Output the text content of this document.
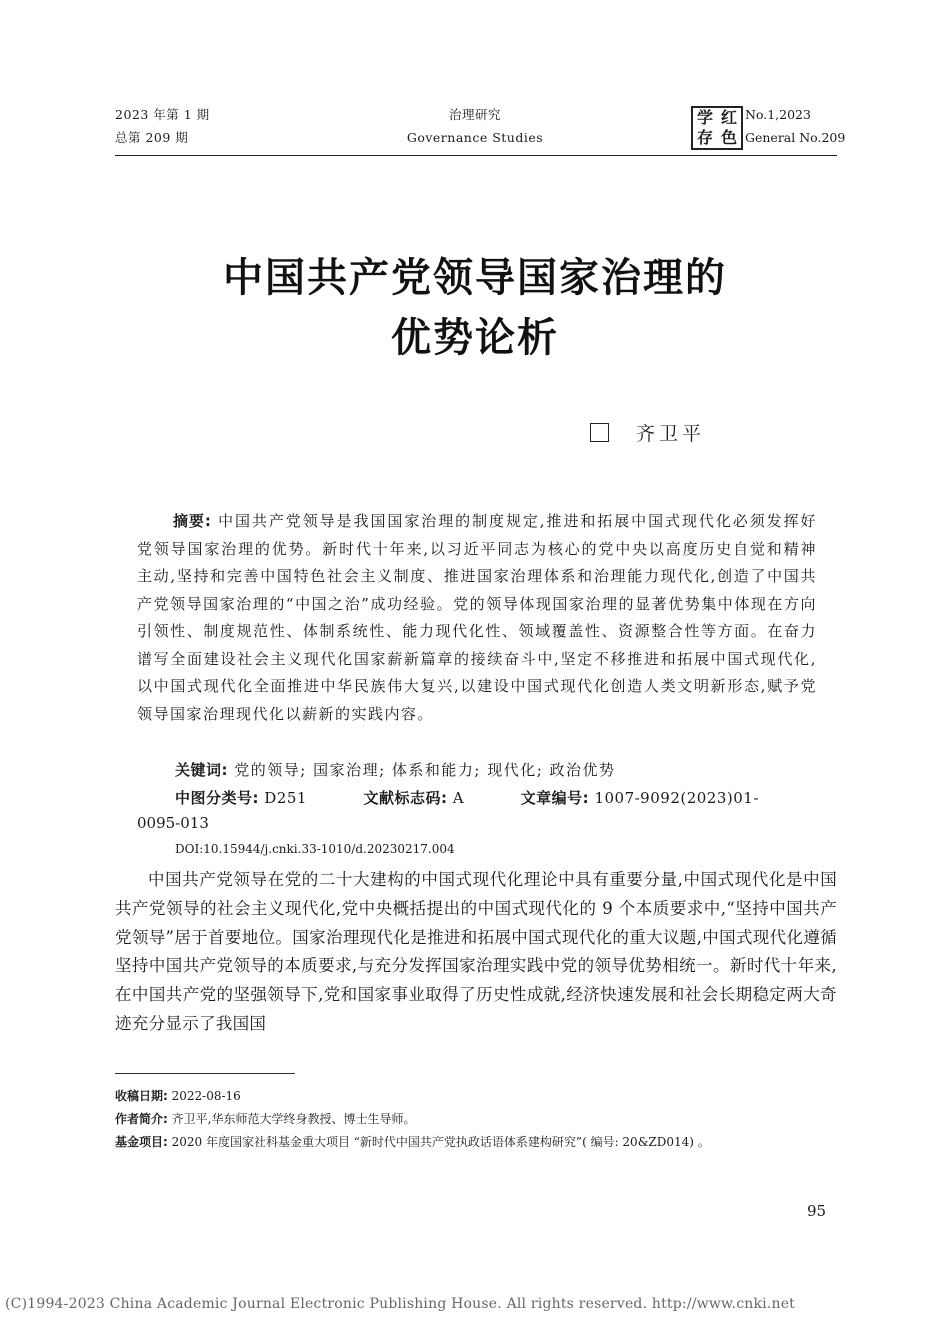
2023 年第 1 期
总第 209 期
治理研究
Governance Studies
学 红
存 色
No.1,2023
General No.209
中国共产党领导国家治理的
优势论析
齐卫平
摘要: 中国共产党领导是我国国家治理的制度规定,推进和拓展中国式现代化必须发挥好党领导国家治理的优势。新时代十年来,以习近平同志为核心的党中央以高度历史自觉和精神主动,坚持和完善中国特色社会主义制度、推进国家治理体系和治理能力现代化,创造了中国共产党领导国家治理的“中国之治”成功经验。党的领导体现国家治理的显著优势集中体现在方向引领性、制度规范性、体制系统性、能力现代化性、领域覆盖性、资源整合性等方面。在奋力谱写全面建设社会主义现代化国家薪新篇章的接续奋斗中,坚定不移推进和拓展中国式现代化,以中国式现代化全面推进中华民族伟大复兴,以建设中国式现代化创造人类文明新形态,赋予党领导国家治理现代化以薪新的实践内容。
关键词: 党的领导; 国家治理; 体系和能力; 现代化; 政治优势
中图分类号: D251	文献标志码: A	文章编号: 1007-9092(2023)01-
0095-013
DOI:10.15944/j.cnki.33-1010/d.20230217.004
中国共产党领导在党的二十大建构的中国式现代化理论中具有重要分量,中国式现代化是中国共产党领导的社会主义现代化,党中央概括提出的中国式现代化的 9 个本质要求中,“坚持中国共产党领导”居于首要地位。国家治理现代化是推进和拓展中国式现代化的重大议题,中国式现代化遵循坚持中国共产党领导的本质要求,与充分发挥国家治理实践中党的领导优势相统一。新时代十年来,在中国共产党的坚强领导下,党和国家事业取得了历史性成就,经济快速发展和社会长期稳定两大奇迹充分显示了我国国
收稿日期: 2022-08-16
作者简介: 齐卫平,华东师范大学终身教授、博士生导师。
基金项目: 2020 年度国家社科基金重大项目 “新时代中国共产党执政话语体系建构研究”( 编号: 20&ZD014) 。
95
(C)1994-2023 China Academic Journal Electronic Publishing House. All rights reserved. http://www.cnki.net
